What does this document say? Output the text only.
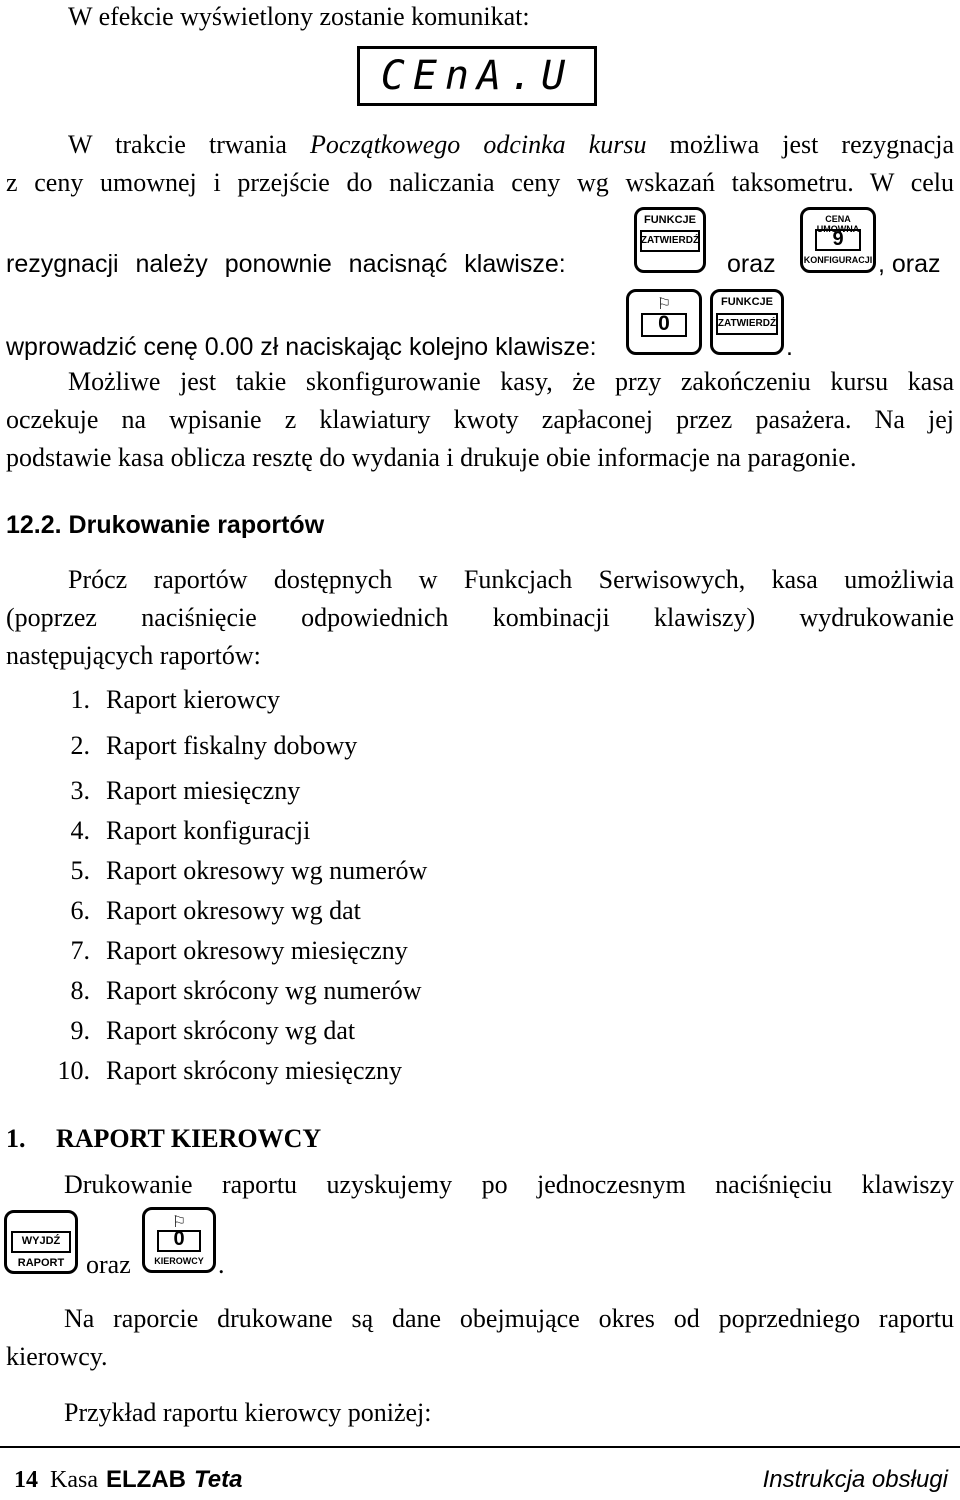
W efekcie wyświetlony zostanie komunikat:
CEnA.U
W trakcie trwania Początkowego odcinka kursu możliwa jest rezygnacja
z ceny umownej i przejście do naliczania ceny wg wskazań taksometru. W celu
rezygnacji należy ponownie nacisnąć klawisze:
FUNKCJE
ZATWIERDŹ
oraz
CENA UMOWNA
9
KONFIGURACJI , oraz
wprowadzić cenę 0.00 zł naciskając kolejno klawisze:
⚐
0
FUNKCJE
ZATWIERDŹ
.
Możliwe jest takie skonfigurowanie kasy, że przy zakończeniu kursu kasa
oczekuje na wpisanie z klawiatury kwoty zapłaconej przez pasażera. Na jej
podstawie kasa oblicza resztę do wydania i drukuje obie informacje na paragonie.
12.2. Drukowanie raportów
Prócz raportów dostępnych w Funkcjach Serwisowych, kasa umożliwia
(poprzez naciśnięcie odpowiednich kombinacji klawiszy) wydrukowanie
następujących raportów:
1. Raport kierowcy
2. Raport fiskalny dobowy
3. Raport miesięczny
4. Raport konfiguracji
5. Raport okresowy wg numerów
6. Raport okresowy wg dat
7. Raport okresowy miesięczny
8. Raport skrócony wg numerów
9. Raport skrócony wg dat
10. Raport skrócony miesięczny
1. RAPORT KIEROWCY
Drukowanie raportu uzyskujemy po jednoczesnym naciśnięciu klawiszy
WYJDŹ
RAPORT oraz
⚐
0
KIEROWCY .
Na raporcie drukowane są dane obejmujące okres od poprzedniego raportu
kierowcy.
Przykład raportu kierowcy poniżej:
14 Kasa ELZAB Teta	Instrukcja obsługi
